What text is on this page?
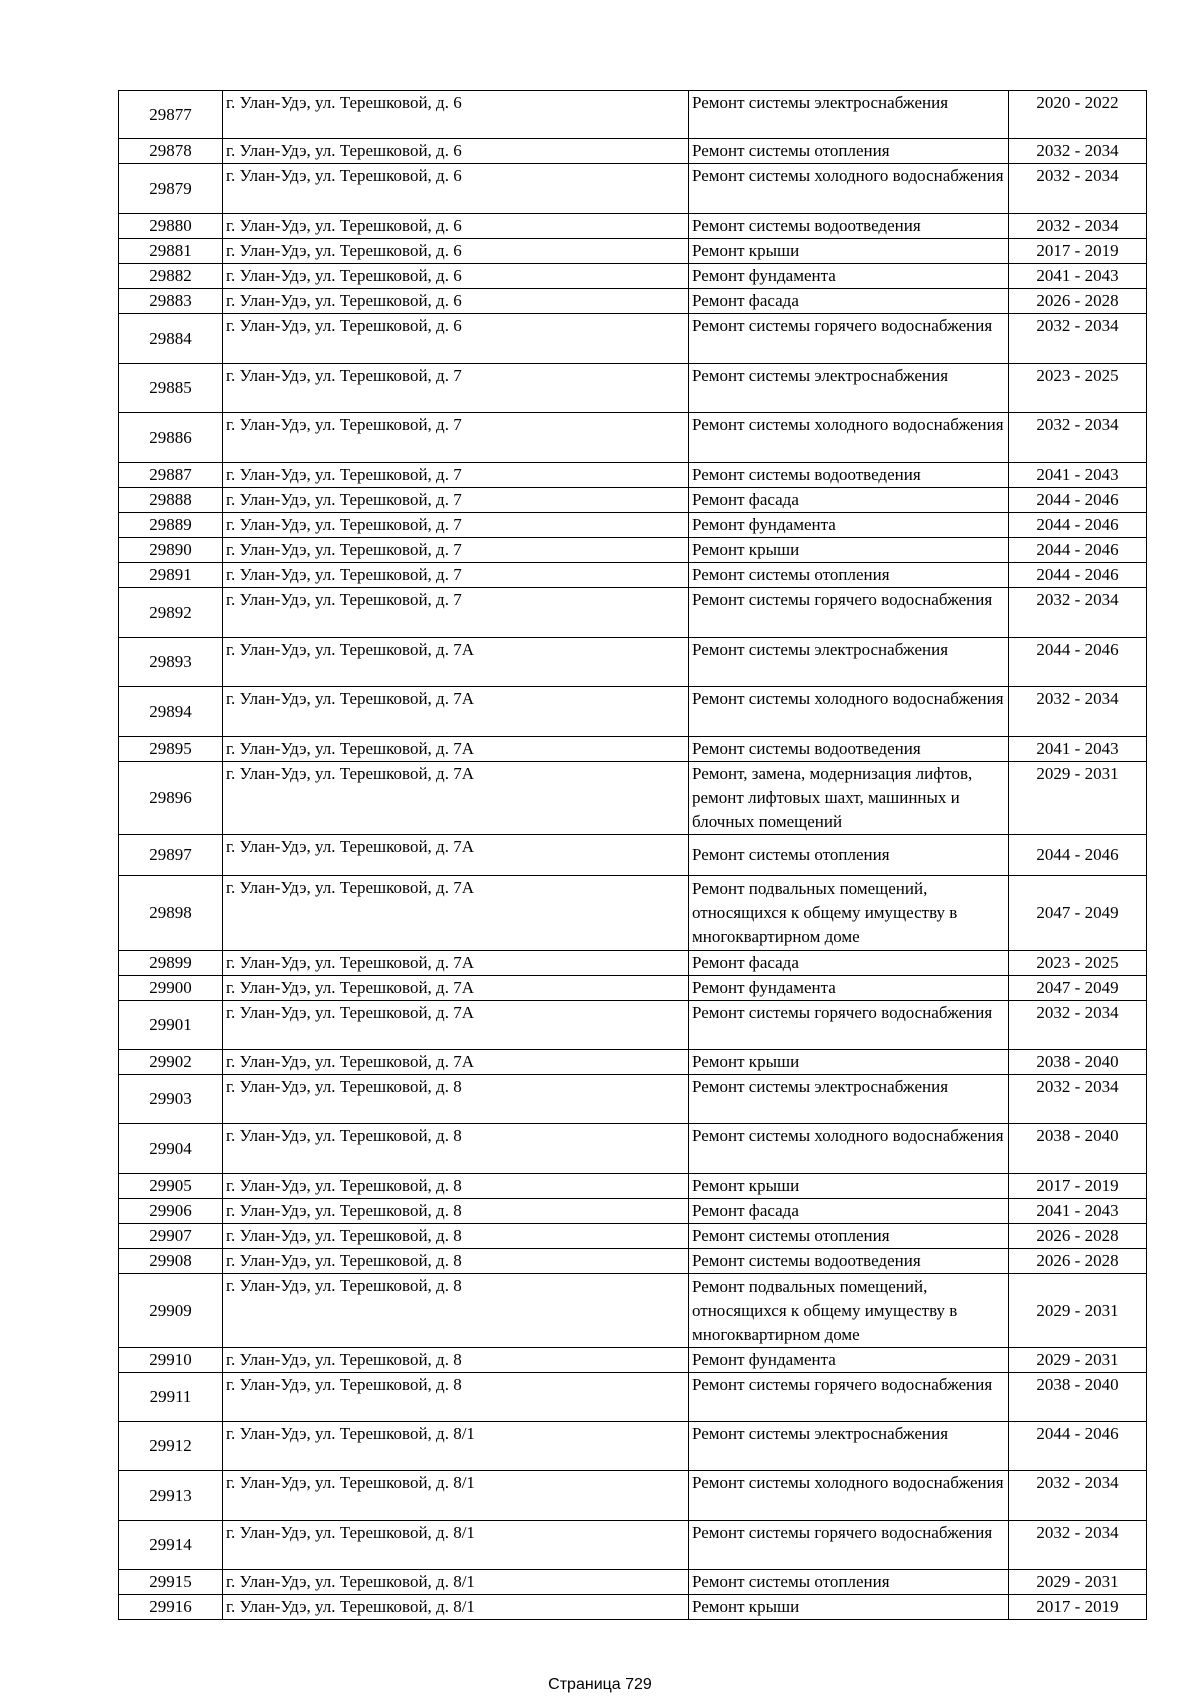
29877	г. Улан-Удэ, ул. Терешковой, д. 6	Ремонт системы электроснабжения	2020 - 2022
29878	г. Улан-Удэ, ул. Терешковой, д. 6	Ремонт системы отопления	2032 - 2034
29879	г. Улан-Удэ, ул. Терешковой, д. 6	Ремонт системы холодного водоснабжения	2032 - 2034
29880	г. Улан-Удэ, ул. Терешковой, д. 6	Ремонт системы водоотведения	2032 - 2034
29881	г. Улан-Удэ, ул. Терешковой, д. 6	Ремонт крыши	2017 - 2019
29882	г. Улан-Удэ, ул. Терешковой, д. 6	Ремонт фундамента	2041 - 2043
29883	г. Улан-Удэ, ул. Терешковой, д. 6	Ремонт фасада	2026 - 2028
29884	г. Улан-Удэ, ул. Терешковой, д. 6	Ремонт системы горячего водоснабжения	2032 - 2034
29885	г. Улан-Удэ, ул. Терешковой, д. 7	Ремонт системы электроснабжения	2023 - 2025
29886	г. Улан-Удэ, ул. Терешковой, д. 7	Ремонт системы холодного водоснабжения	2032 - 2034
29887	г. Улан-Удэ, ул. Терешковой, д. 7	Ремонт системы водоотведения	2041 - 2043
29888	г. Улан-Удэ, ул. Терешковой, д. 7	Ремонт фасада	2044 - 2046
29889	г. Улан-Удэ, ул. Терешковой, д. 7	Ремонт фундамента	2044 - 2046
29890	г. Улан-Удэ, ул. Терешковой, д. 7	Ремонт крыши	2044 - 2046
29891	г. Улан-Удэ, ул. Терешковой, д. 7	Ремонт системы отопления	2044 - 2046
29892	г. Улан-Удэ, ул. Терешковой, д. 7	Ремонт системы горячего водоснабжения	2032 - 2034
29893	г. Улан-Удэ, ул. Терешковой, д. 7А	Ремонт системы электроснабжения	2044 - 2046
29894	г. Улан-Удэ, ул. Терешковой, д. 7А	Ремонт системы холодного водоснабжения	2032 - 2034
29895	г. Улан-Удэ, ул. Терешковой, д. 7А	Ремонт системы водоотведения	2041 - 2043
29896	г. Улан-Удэ, ул. Терешковой, д. 7А	Ремонт, замена, модернизация лифтов, ремонт лифтовых шахт, машинных и блочных помещений	2029 - 2031
29897	г. Улан-Удэ, ул. Терешковой, д. 7А	Ремонт системы отопления	2044 - 2046
29898	г. Улан-Удэ, ул. Терешковой, д. 7А	Ремонт подвальных помещений, относящихся к общему имуществу в многоквартирном доме	2047 - 2049
29899	г. Улан-Удэ, ул. Терешковой, д. 7А	Ремонт фасада	2023 - 2025
29900	г. Улан-Удэ, ул. Терешковой, д. 7А	Ремонт фундамента	2047 - 2049
29901	г. Улан-Удэ, ул. Терешковой, д. 7А	Ремонт системы горячего водоснабжения	2032 - 2034
29902	г. Улан-Удэ, ул. Терешковой, д. 7А	Ремонт крыши	2038 - 2040
29903	г. Улан-Удэ, ул. Терешковой, д. 8	Ремонт системы электроснабжения	2032 - 2034
29904	г. Улан-Удэ, ул. Терешковой, д. 8	Ремонт системы холодного водоснабжения	2038 - 2040
29905	г. Улан-Удэ, ул. Терешковой, д. 8	Ремонт крыши	2017 - 2019
29906	г. Улан-Удэ, ул. Терешковой, д. 8	Ремонт фасада	2041 - 2043
29907	г. Улан-Удэ, ул. Терешковой, д. 8	Ремонт системы отопления	2026 - 2028
29908	г. Улан-Удэ, ул. Терешковой, д. 8	Ремонт системы водоотведения	2026 - 2028
29909	г. Улан-Удэ, ул. Терешковой, д. 8	Ремонт подвальных помещений, относящихся к общему имуществу в многоквартирном доме	2029 - 2031
29910	г. Улан-Удэ, ул. Терешковой, д. 8	Ремонт фундамента	2029 - 2031
29911	г. Улан-Удэ, ул. Терешковой, д. 8	Ремонт системы горячего водоснабжения	2038 - 2040
29912	г. Улан-Удэ, ул. Терешковой, д. 8/1	Ремонт системы электроснабжения	2044 - 2046
29913	г. Улан-Удэ, ул. Терешковой, д. 8/1	Ремонт системы холодного водоснабжения	2032 - 2034
29914	г. Улан-Удэ, ул. Терешковой, д. 8/1	Ремонт системы горячего водоснабжения	2032 - 2034
29915	г. Улан-Удэ, ул. Терешковой, д. 8/1	Ремонт системы отопления	2029 - 2031
29916	г. Улан-Удэ, ул. Терешковой, д. 8/1	Ремонт крыши	2017 - 2019
Страница 729
